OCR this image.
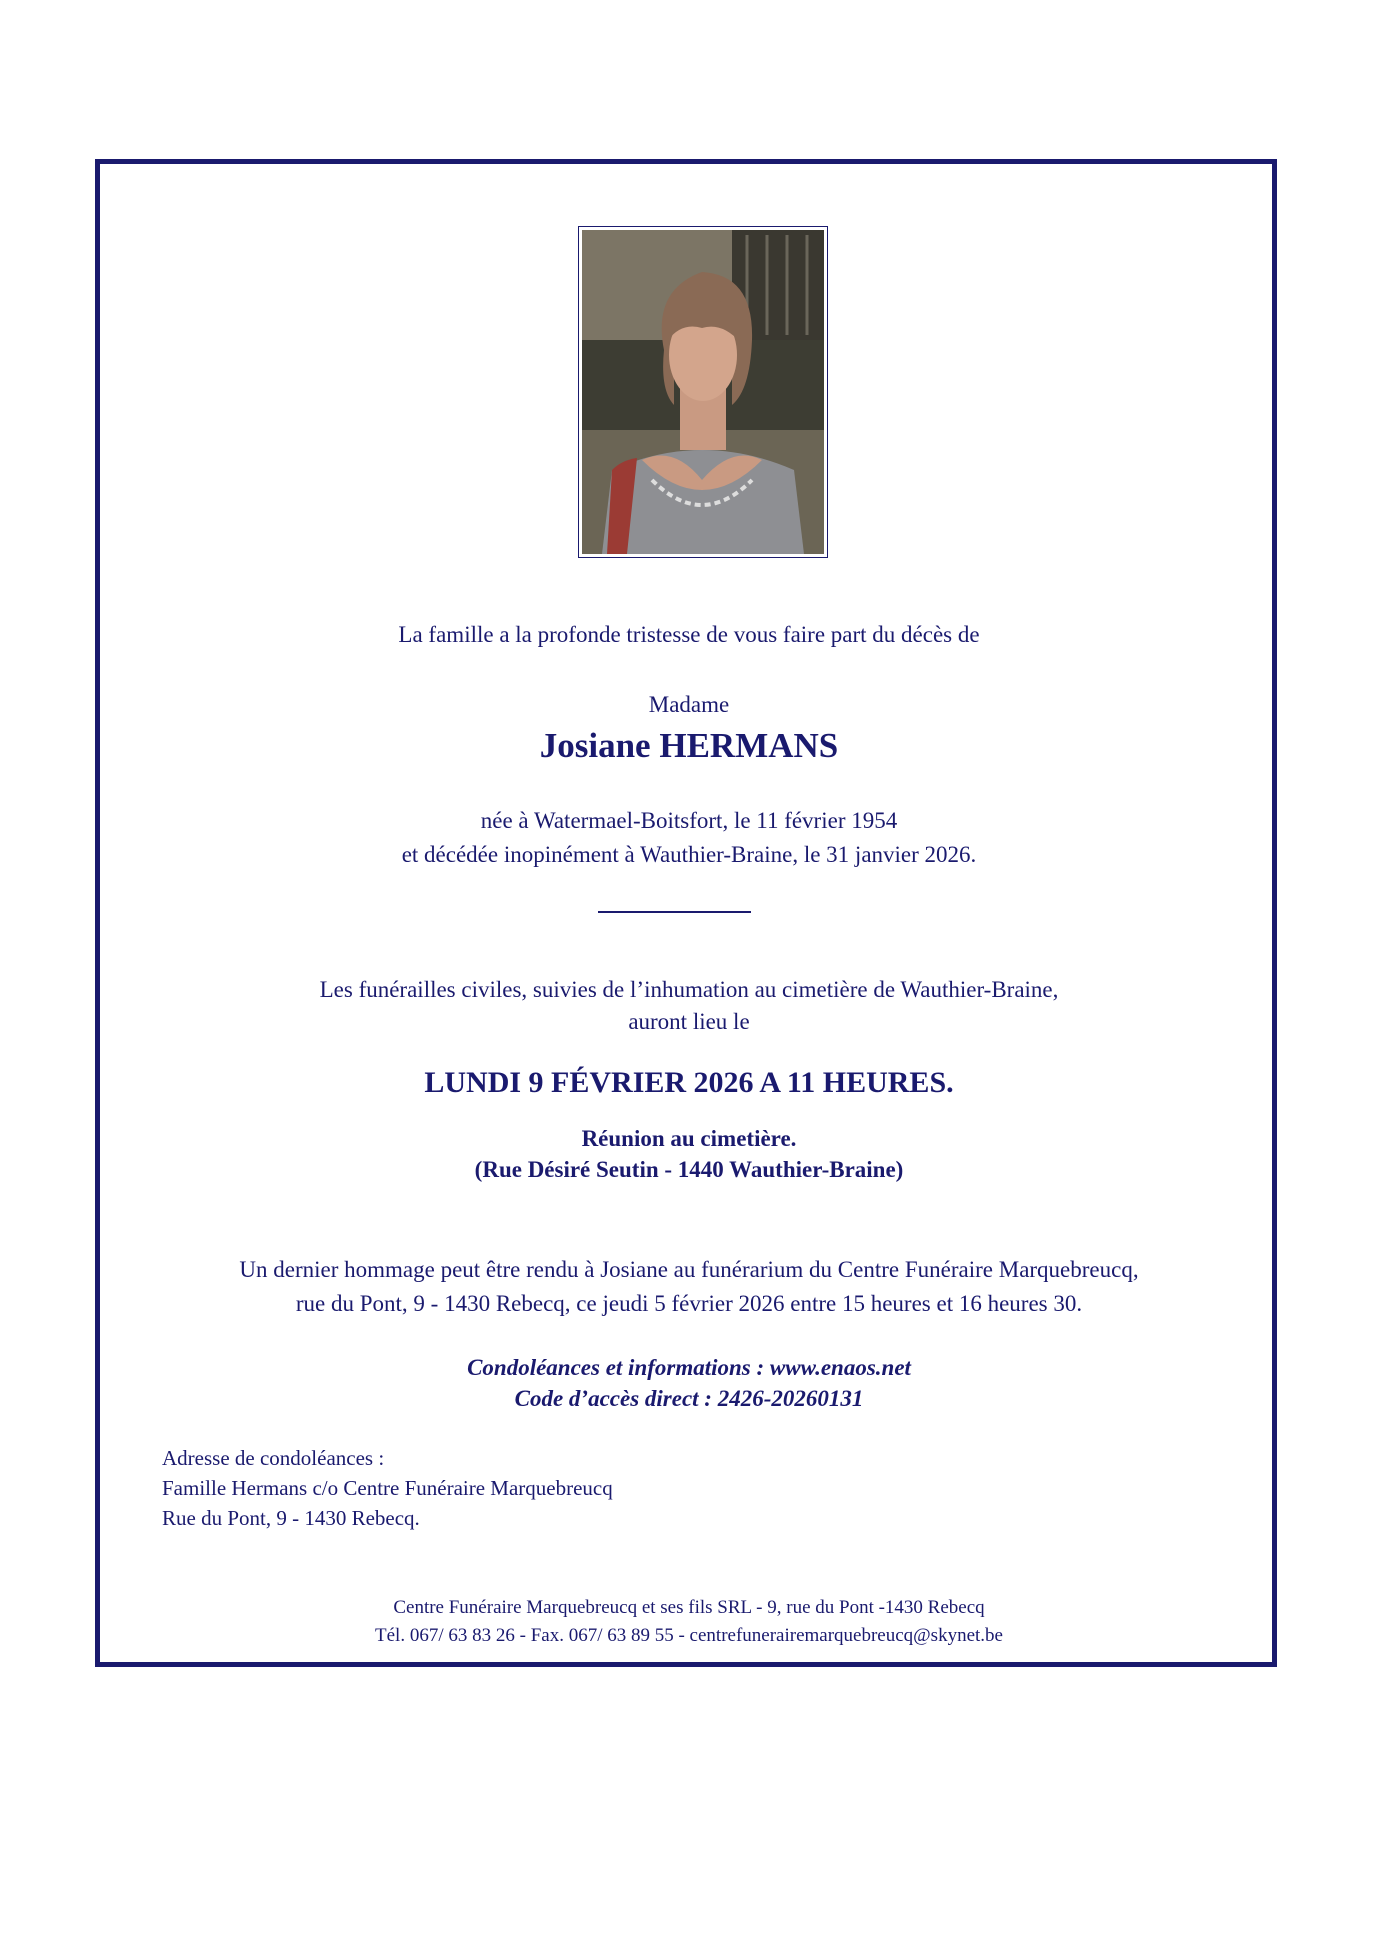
La famille a la profonde tristesse de vous faire part du décès de
Madame
Josiane HERMANS
née à Watermael-Boitsfort, le 11 février 1954
et décédée inopinément à Wauthier-Braine, le 31 janvier 2026.
Les funérailles civiles, suivies de l’inhumation au cimetière de Wauthier-Braine,
auront lieu le
LUNDI 9 FÉVRIER 2026 A 11 HEURES.
Réunion au cimetière.
(Rue Désiré Seutin - 1440 Wauthier-Braine)
Un dernier hommage peut être rendu à Josiane au funérarium du Centre Funéraire Marquebreucq,
rue du Pont, 9 - 1430 Rebecq, ce jeudi 5 février 2026 entre 15 heures et 16 heures 30.
Condoléances et informations : www.enaos.net
Code d’accès direct : 2426-20260131
Adresse de condoléances :
Famille Hermans c/o Centre Funéraire Marquebreucq
Rue du Pont, 9 - 1430 Rebecq.
Centre Funéraire Marquebreucq et ses fils SRL - 9, rue du Pont -1430 Rebecq
Tél. 067/ 63 83 26 - Fax. 067/ 63 89 55 - centrefunerairemarquebreucq@skynet.be
